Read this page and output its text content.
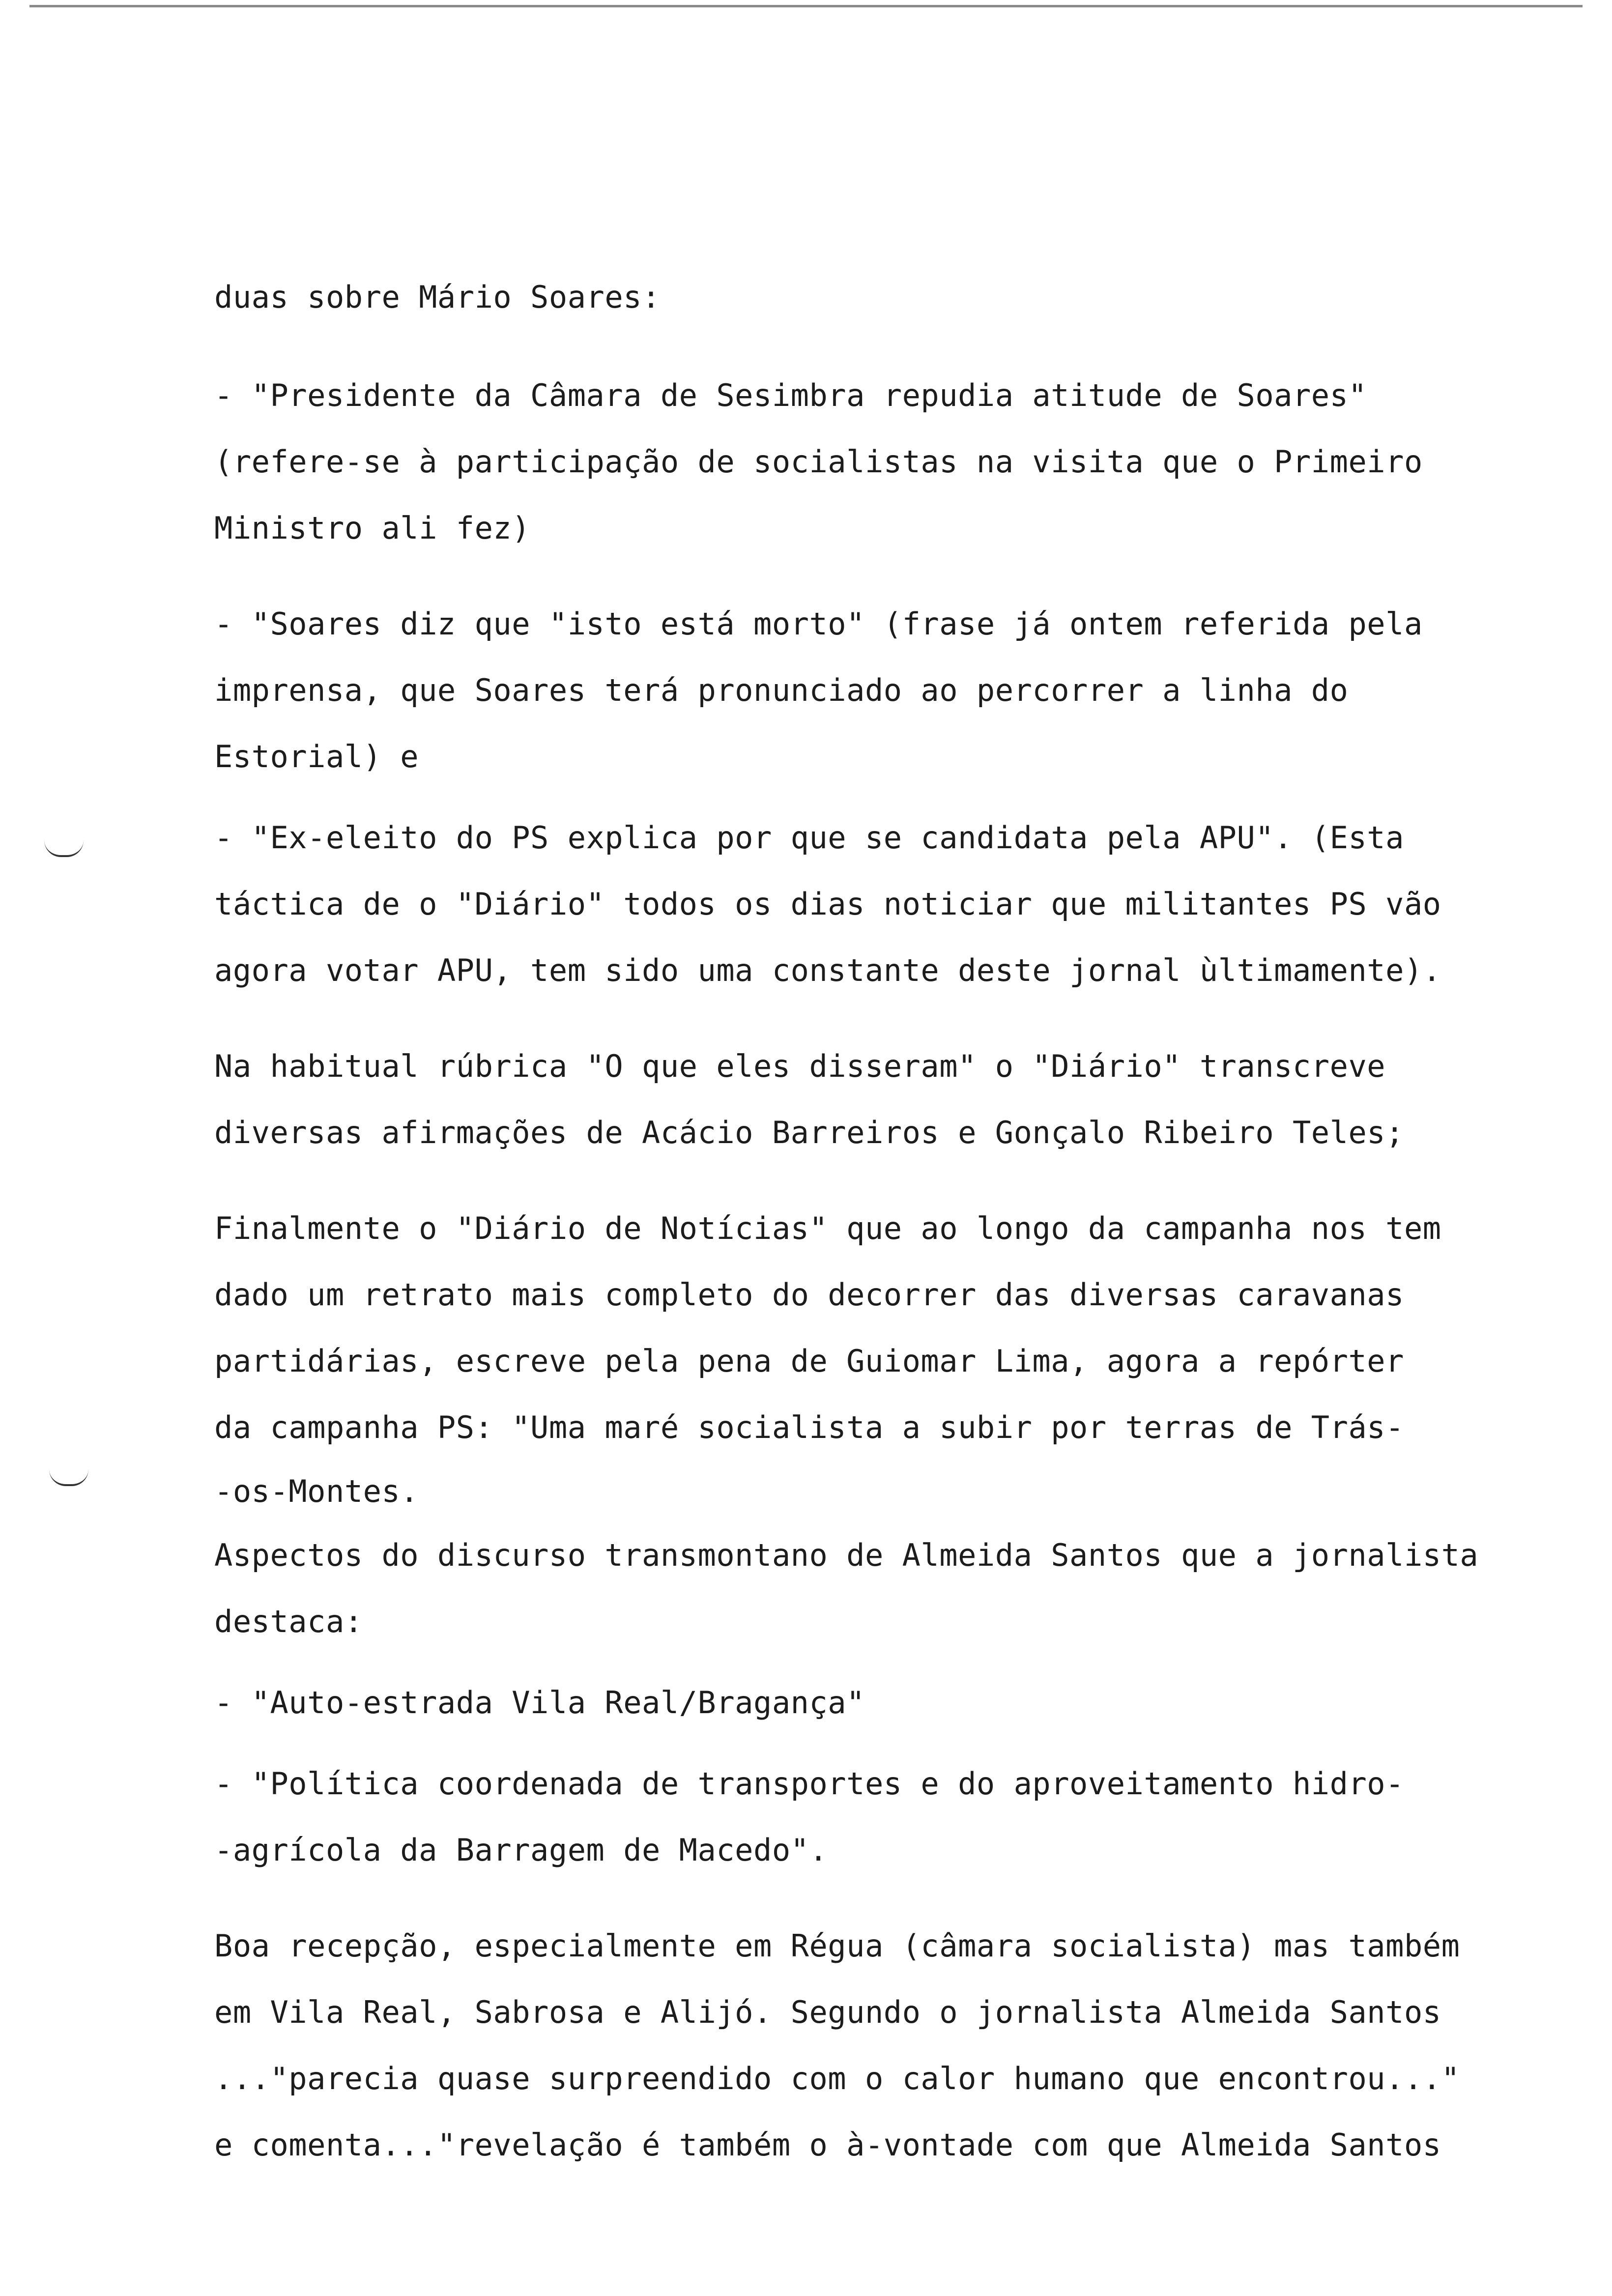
duas sobre Mário Soares:
- "Presidente da Câmara de Sesimbra repudia atitude de Soares"
(refere-se à participação de socialistas na visita que o Primeiro
Ministro ali fez)
- "Soares diz que "isto está morto" (frase já ontem referida pela
imprensa, que Soares terá pronunciado ao percorrer a linha do
Estorial) e
- "Ex-eleito do PS explica por que se candidata pela APU". (Esta
táctica de o "Diário" todos os dias noticiar que militantes PS vão
agora votar APU, tem sido uma constante deste jornal ùltimamente).
Na habitual rúbrica "O que eles disseram" o "Diário" transcreve
diversas afirmações de Acácio Barreiros e Gonçalo Ribeiro Teles;
Finalmente o "Diário de Notícias" que ao longo da campanha nos tem
dado um retrato mais completo do decorrer das diversas caravanas
partidárias, escreve pela pena de Guiomar Lima, agora a repórter
da campanha PS: "Uma maré socialista a subir por terras de Trás-
-os-Montes.
Aspectos do discurso transmontano de Almeida Santos que a jornalista
destaca:
- "Auto-estrada Vila Real/Bragança"
- "Política coordenada de transportes e do aproveitamento hidro-
-agrícola da Barragem de Macedo".
Boa recepção, especialmente em Régua (câmara socialista) mas também
em Vila Real, Sabrosa e Alijó. Segundo o jornalista Almeida Santos
..."parecia quase surpreendido com o calor humano que encontrou..."
e comenta..."revelação é também o à-vontade com que Almeida Santos
